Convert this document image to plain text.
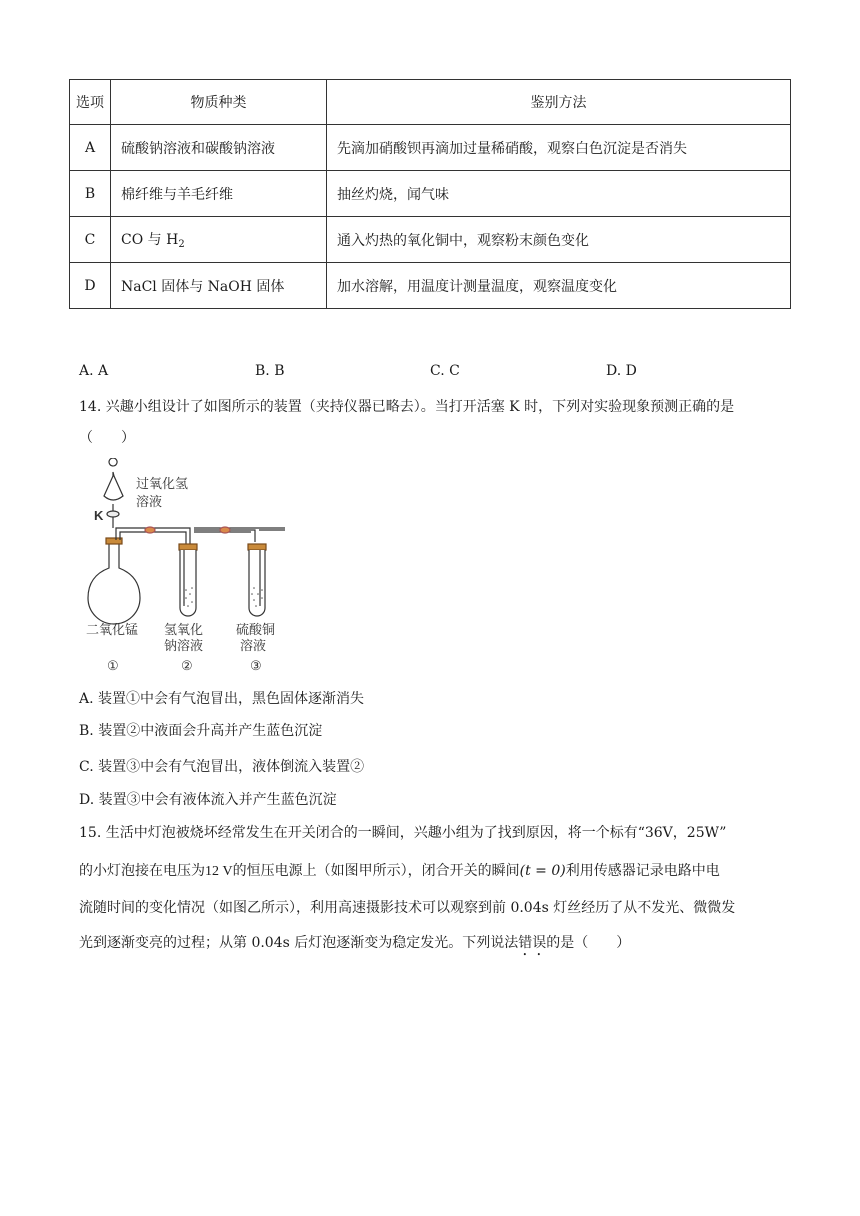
选项	物质种类	鉴别方法
A	硫酸钠溶液和碳酸钠溶液	先滴加硝酸钡再滴加过量稀硝酸，观察白色沉淀是否消失
B	棉纤维与羊毛纤维	抽丝灼烧，闻气味
C	CO 与 $H_2$	通入灼热的氧化铜中，观察粉末颜色变化
D	NaCl 固体与 NaOH 固体	加水溶解，用温度计测量温度，观察温度变化
A. A	B. B	C. C	D. D
14. 兴趣小组设计了如图所示的装置（夹持仪器已略去）。当打开活塞 K 时，下列对实验现象预测正确的是
（　　）
过氧化氢
溶液
K
二氧化锰 氢氧化
钠溶液
硫酸铜
溶液
①	②	③
A. 装置①中会有气泡冒出，黑色固体逐渐消失
B. 装置②中液面会升高并产生蓝色沉淀
C. 装置③中会有气泡冒出，液体倒流入装置②
D. 装置③中会有液体流入并产生蓝色沉淀
15. 生活中灯泡被烧坏经常发生在开关闭合的一瞬间，兴趣小组为了找到原因，将一个标有“36V，25W”
的小灯泡接在电压为12 V的恒压电源上（如图甲所示），闭合开关的瞬间(t = 0)利用传感器记录电路中电
流随时间的变化情况（如图乙所示），利用高速摄影技术可以观察到前 0.04s 灯丝经历了从不发光、微微发
光到逐渐变亮的过程；从第 0.04s 后灯泡逐渐变为稳定发光。下列说法错误的是（　　）
